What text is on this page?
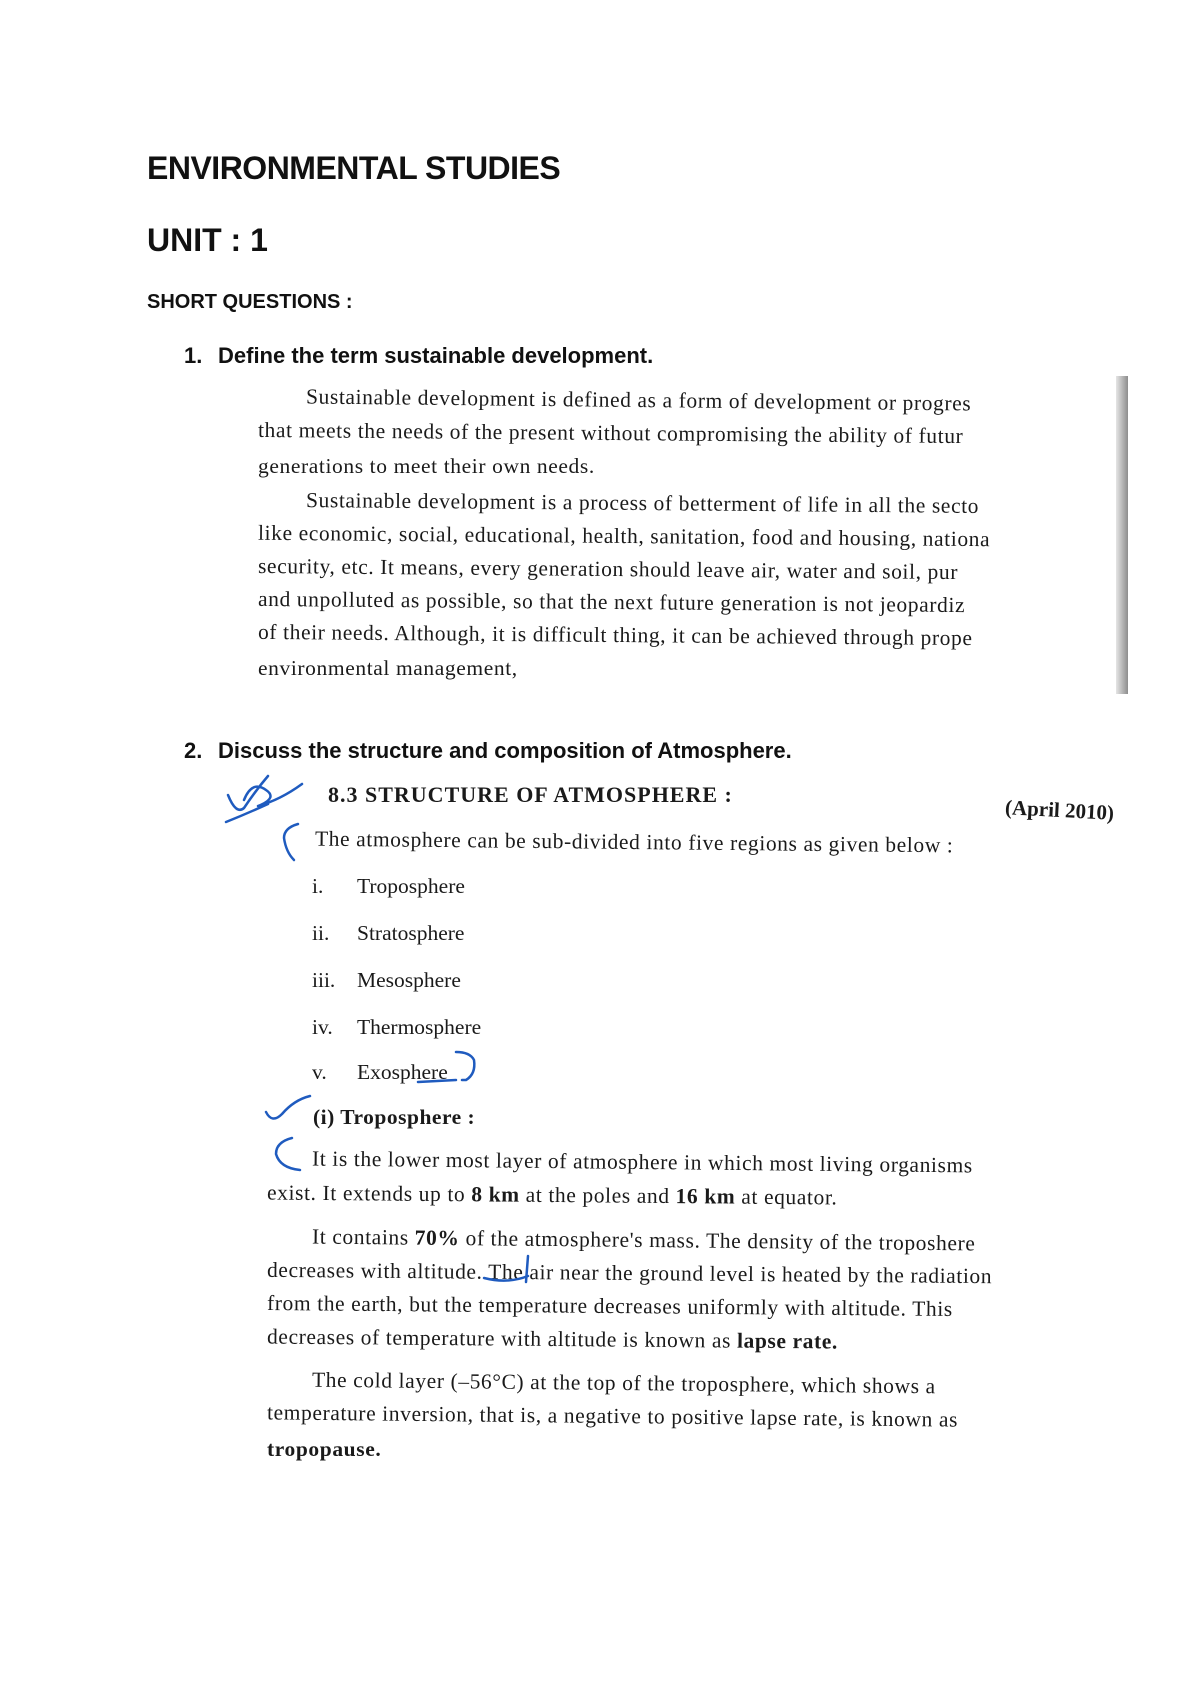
ENVIRONMENTAL STUDIES
UNIT : 1
SHORT QUESTIONS :
1. Define the term sustainable development.
Sustainable development is defined as a form of development or progres
that meets the needs of the present without compromising the ability of futur
generations to meet their own needs.
Sustainable development is a process of betterment of life in all the secto
like economic, social, educational, health, sanitation, food and housing, nationa
security, etc. It means, every generation should leave air, water and soil, pur
and unpolluted as possible, so that the next future generation is not jeopardiz
of their needs. Although, it is difficult thing, it can be achieved through prope
environmental management,
2. Discuss the structure and composition of Atmosphere.
8.3 STRUCTURE OF ATMOSPHERE :
(April 2010)
The atmosphere can be sub-divided into five regions as given below :
i. Troposphere
ii. Stratosphere
iii. Mesosphere
iv. Thermosphere
v. Exosphere
(i) Troposphere :
It is the lower most layer of atmosphere in which most living organisms
exist. It extends up to 8 km at the poles and 16 km at equator.
It contains 70% of the atmosphere's mass. The density of the troposhere
decreases with altitude. The air near the ground level is heated by the radiation
from the earth, but the temperature decreases uniformly with altitude. This
decreases of temperature with altitude is known as lapse rate.
The cold layer (–56°C) at the top of the troposphere, which shows a
temperature inversion, that is, a negative to positive lapse rate, is known as
tropopause.
